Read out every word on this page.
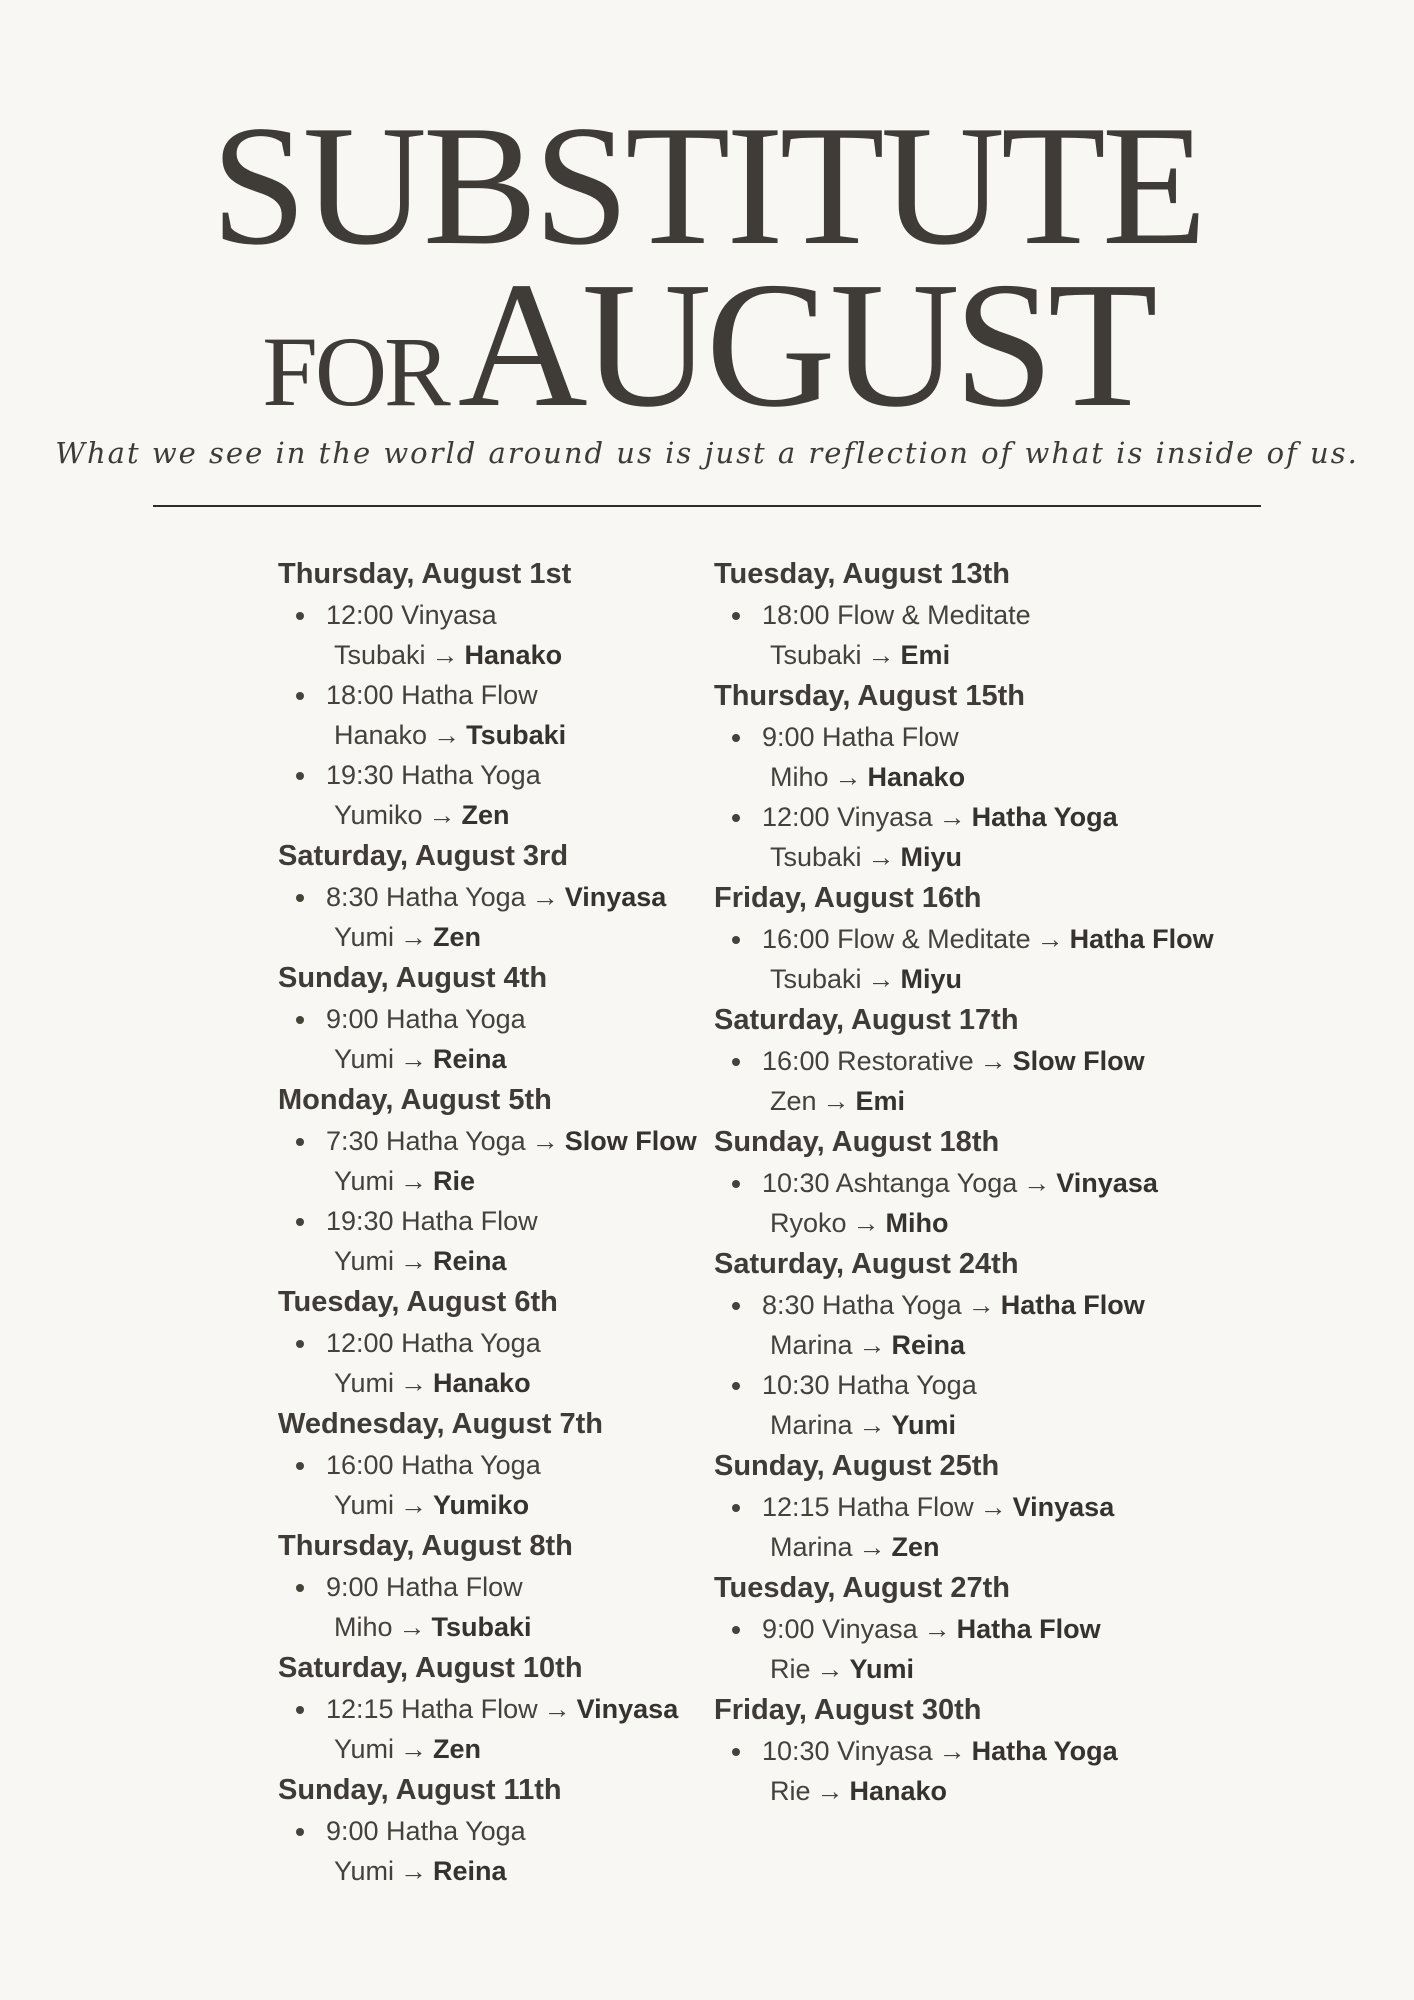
SUBSTITUTE
FORAUGUST
What we see in the world around us is just a reflection of what is inside of us.
Thursday, August 1st
12:00 Vinyasa
Tsubaki → Hanako
18:00 Hatha Flow
Hanako → Tsubaki
19:30 Hatha Yoga
Yumiko → Zen
Saturday, August 3rd
8:30 Hatha Yoga → Vinyasa
Yumi → Zen
Sunday, August 4th
9:00 Hatha Yoga
Yumi → Reina
Monday, August 5th
7:30 Hatha Yoga → Slow Flow
Yumi → Rie
19:30 Hatha Flow
Yumi → Reina
Tuesday, August 6th
12:00 Hatha Yoga
Yumi → Hanako
Wednesday, August 7th
16:00 Hatha Yoga
Yumi → Yumiko
Thursday, August 8th
9:00 Hatha Flow
Miho → Tsubaki
Saturday, August 10th
12:15 Hatha Flow → Vinyasa
Yumi → Zen
Sunday, August 11th
9:00 Hatha Yoga
Yumi → Reina
Tuesday, August 13th
18:00 Flow & Meditate
Tsubaki → Emi
Thursday, August 15th
9:00 Hatha Flow
Miho → Hanako
12:00 Vinyasa → Hatha Yoga
Tsubaki → Miyu
Friday, August 16th
16:00 Flow & Meditate → Hatha Flow
Tsubaki → Miyu
Saturday, August 17th
16:00 Restorative → Slow Flow
Zen → Emi
Sunday, August 18th
10:30 Ashtanga Yoga → Vinyasa
Ryoko → Miho
Saturday, August 24th
8:30 Hatha Yoga → Hatha Flow
Marina → Reina
10:30 Hatha Yoga
Marina → Yumi
Sunday, August 25th
12:15 Hatha Flow → Vinyasa
Marina → Zen
Tuesday, August 27th
9:00 Vinyasa → Hatha Flow
Rie → Yumi
Friday, August 30th
10:30 Vinyasa → Hatha Yoga
Rie → Hanako
